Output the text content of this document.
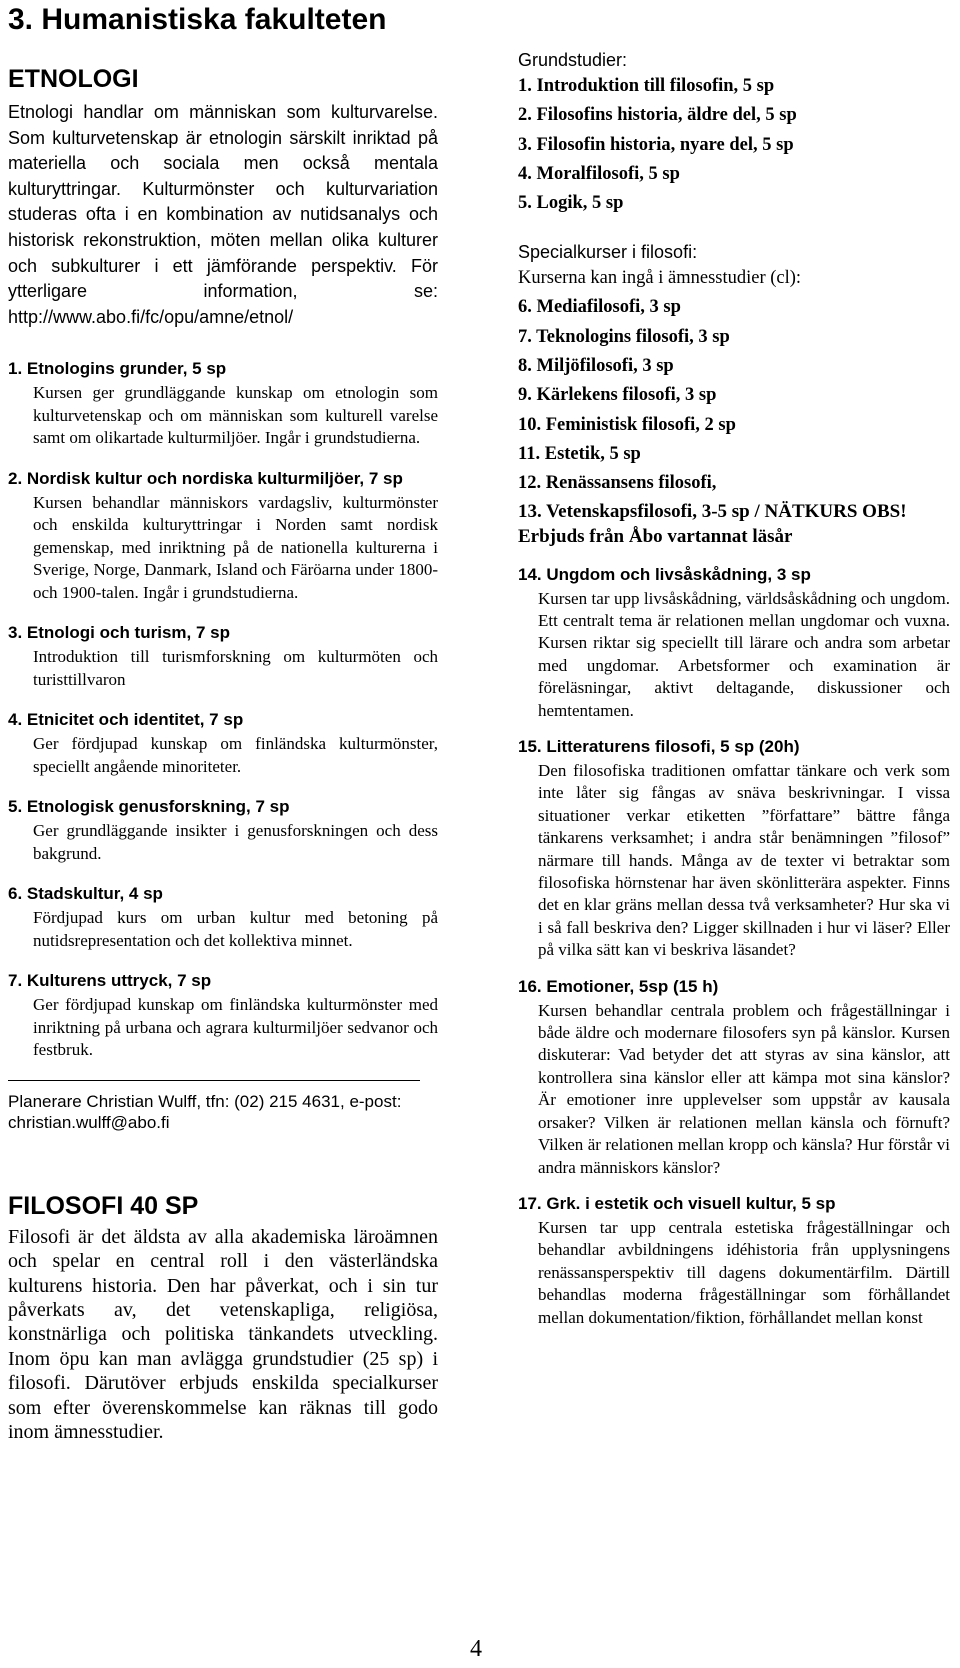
3. Humanistiska fakulteten
ETNOLOGI

Etnologi handlar om människan som kulturvarelse. Som kulturvetenskap är etnologin särskilt inriktad på materiella och sociala men också mentala kulturyttringar. Kulturmönster och kulturvariation studeras ofta i en kombination av nutidsanalys och historisk rekonstruktion, möten mellan olika kulturer och subkulturer i ett jämförande perspektiv. För ytterligare information, se: http://www.abo.fi/fc/opu/amne/etnol/

1. Etnologins grunder, 5 sp

Kursen ger grundläggande kunskap om etnologin som kulturvetenskap och om människan som kulturell varelse samt om olikartade kulturmiljöer. Ingår i grundstudierna.

2. Nordisk kultur och nordiska kulturmiljöer, 7 sp

Kursen behandlar människors vardagsliv, kulturmönster och enskilda kulturyttringar i Norden samt nordisk gemenskap, med inriktning på de nationella kulturerna i Sverige, Norge, Danmark, Island och Färöarna under 1800- och 1900-talen. Ingår i grundstudierna.

3. Etnologi och turism, 7 sp

Introduktion till turismforskning om kulturmöten och turisttillvaron

4. Etnicitet och identitet, 7 sp

Ger fördjupad kunskap om finländska kulturmönster, speciellt angående minoriteter.

5. Etnologisk genusforskning, 7 sp

Ger grundläggande insikter i genusforskningen och dess bakgrund.

6. Stadskultur, 4 sp

Fördjupad kurs om urban kultur med betoning på nutidsrepresentation och det kollektiva minnet.

7. Kulturens uttryck, 7 sp

Ger fördjupad kunskap om finländska kulturmönster med inriktning på urbana och agrara kulturmiljöer sedvanor och festbruk.

Planerare Christian Wulff, tfn: (02) 215 4631, e-post: christian.wulff@abo.fi

FILOSOFI 40 SP

Filosofi är det äldsta av alla akademiska läroämnen och spelar en central roll i den västerländska kulturens historia. Den har påverkat, och i sin tur påverkats av, det vetenskapliga, religiösa, konstnärliga och politiska tänkandets utveckling. Inom öpu kan man avlägga grundstudier (25 sp) i filosofi. Därutöver erbjuds enskilda specialkurser som efter överenskommelse kan räknas till godo inom ämnesstudier.

Grundstudier:

1. Introduktion till filosofin, 5 sp
2. Filosofins historia, äldre del, 5 sp
3. Filosofin historia, nyare del, 5 sp
4. Moralfilosofi, 5 sp
5. Logik, 5 sp

Specialkurser i filosofi:

Kurserna kan ingå i ämnesstudier (cl):

6. Mediafilosofi, 3 sp
7. Teknologins filosofi, 3 sp
8. Miljöfilosofi, 3 sp
9. Kärlekens filosofi, 3 sp
10. Feministisk filosofi, 2 sp
11. Estetik, 5 sp
12. Renässansens filosofi,
13. Vetenskapsfilosofi, 3-5 sp / NÄTKURS OBS! Erbjuds från Åbo vartannat läsår
14. Ungdom och livsåskådning, 3 sp

Kursen tar upp livsåskådning, världsåskådning och ungdom. Ett centralt tema är relationen mellan ungdomar och vuxna. Kursen riktar sig speciellt till lärare och andra som arbetar med ungdomar. Arbetsformer och examination är föreläsningar, aktivt deltagande, diskussioner och hemtentamen.

15. Litteraturens filosofi, 5 sp (20h)

Den filosofiska traditionen omfattar tänkare och verk som inte låter sig fångas av snäva beskrivningar. I vissa situationer verkar etiketten ”författare” bättre fånga tänkarens verksamhet; i andra står benämningen ”filosof” närmare till hands. Många av de texter vi betraktar som filosofiska hörnstenar har även skönlitterära aspekter. Finns det en klar gräns mellan dessa två verksamheter? Hur ska vi i så fall beskriva den? Ligger skillnaden i hur vi läser? Eller på vilka sätt kan vi beskriva läsandet?

16. Emotioner, 5sp (15 h)

Kursen behandlar centrala problem och frågeställningar i både äldre och modernare filosofers syn på känslor. Kursen diskuterar: Vad betyder det att styras av sina känslor, att kontrollera sina känslor eller att kämpa mot sina känslor? Är emotioner inre upplevelser som uppstår av kausala orsaker? Vilken är relationen mellan känsla och förnuft? Vilken är relationen mellan kropp och känsla? Hur förstår vi andra människors känslor?

17. Grk. i estetik och visuell kultur, 5 sp

Kursen tar upp centrala estetiska frågeställningar och behandlar avbildningens idéhistoria från upplysningens renässansperspektiv till dagens dokumentärfilm. Därtill behandlas moderna frågeställningar som förhållandet mellan dokumentation/fiktion, förhållandet mellan konst

4
